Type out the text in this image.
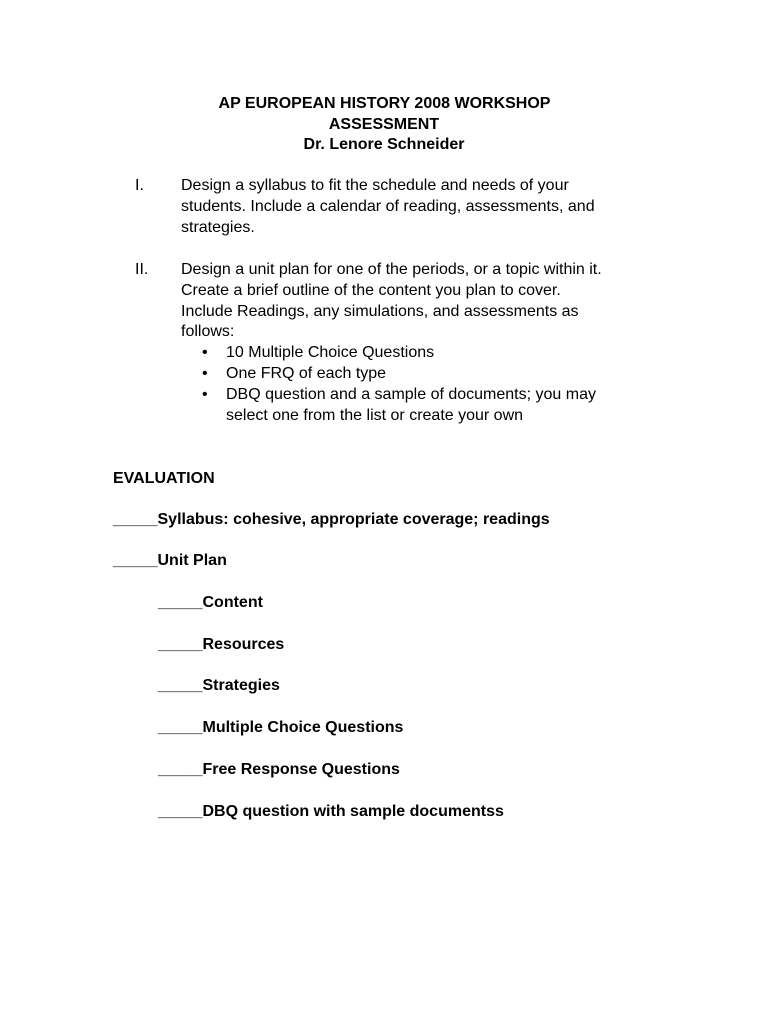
AP EUROPEAN HISTORY 2008 WORKSHOP
ASSESSMENT
Dr. Lenore Schneider
I. Design a syllabus to fit the schedule and needs of your
students. Include a calendar of reading, assessments, and
strategies.
II. Design a unit plan for one of the periods, or a topic within it.
Create a brief outline of the content you plan to cover.
Include Readings, any simulations, and assessments as
follows:
• 10 Multiple Choice Questions
• One FRQ of each type
• DBQ question and a sample of documents; you may
select one from the list or create your own
EVALUATION
_____Syllabus: cohesive, appropriate coverage; readings
_____Unit Plan
_____Content
_____Resources
_____Strategies
_____Multiple Choice Questions
_____Free Response Questions
_____DBQ question with sample documentss
